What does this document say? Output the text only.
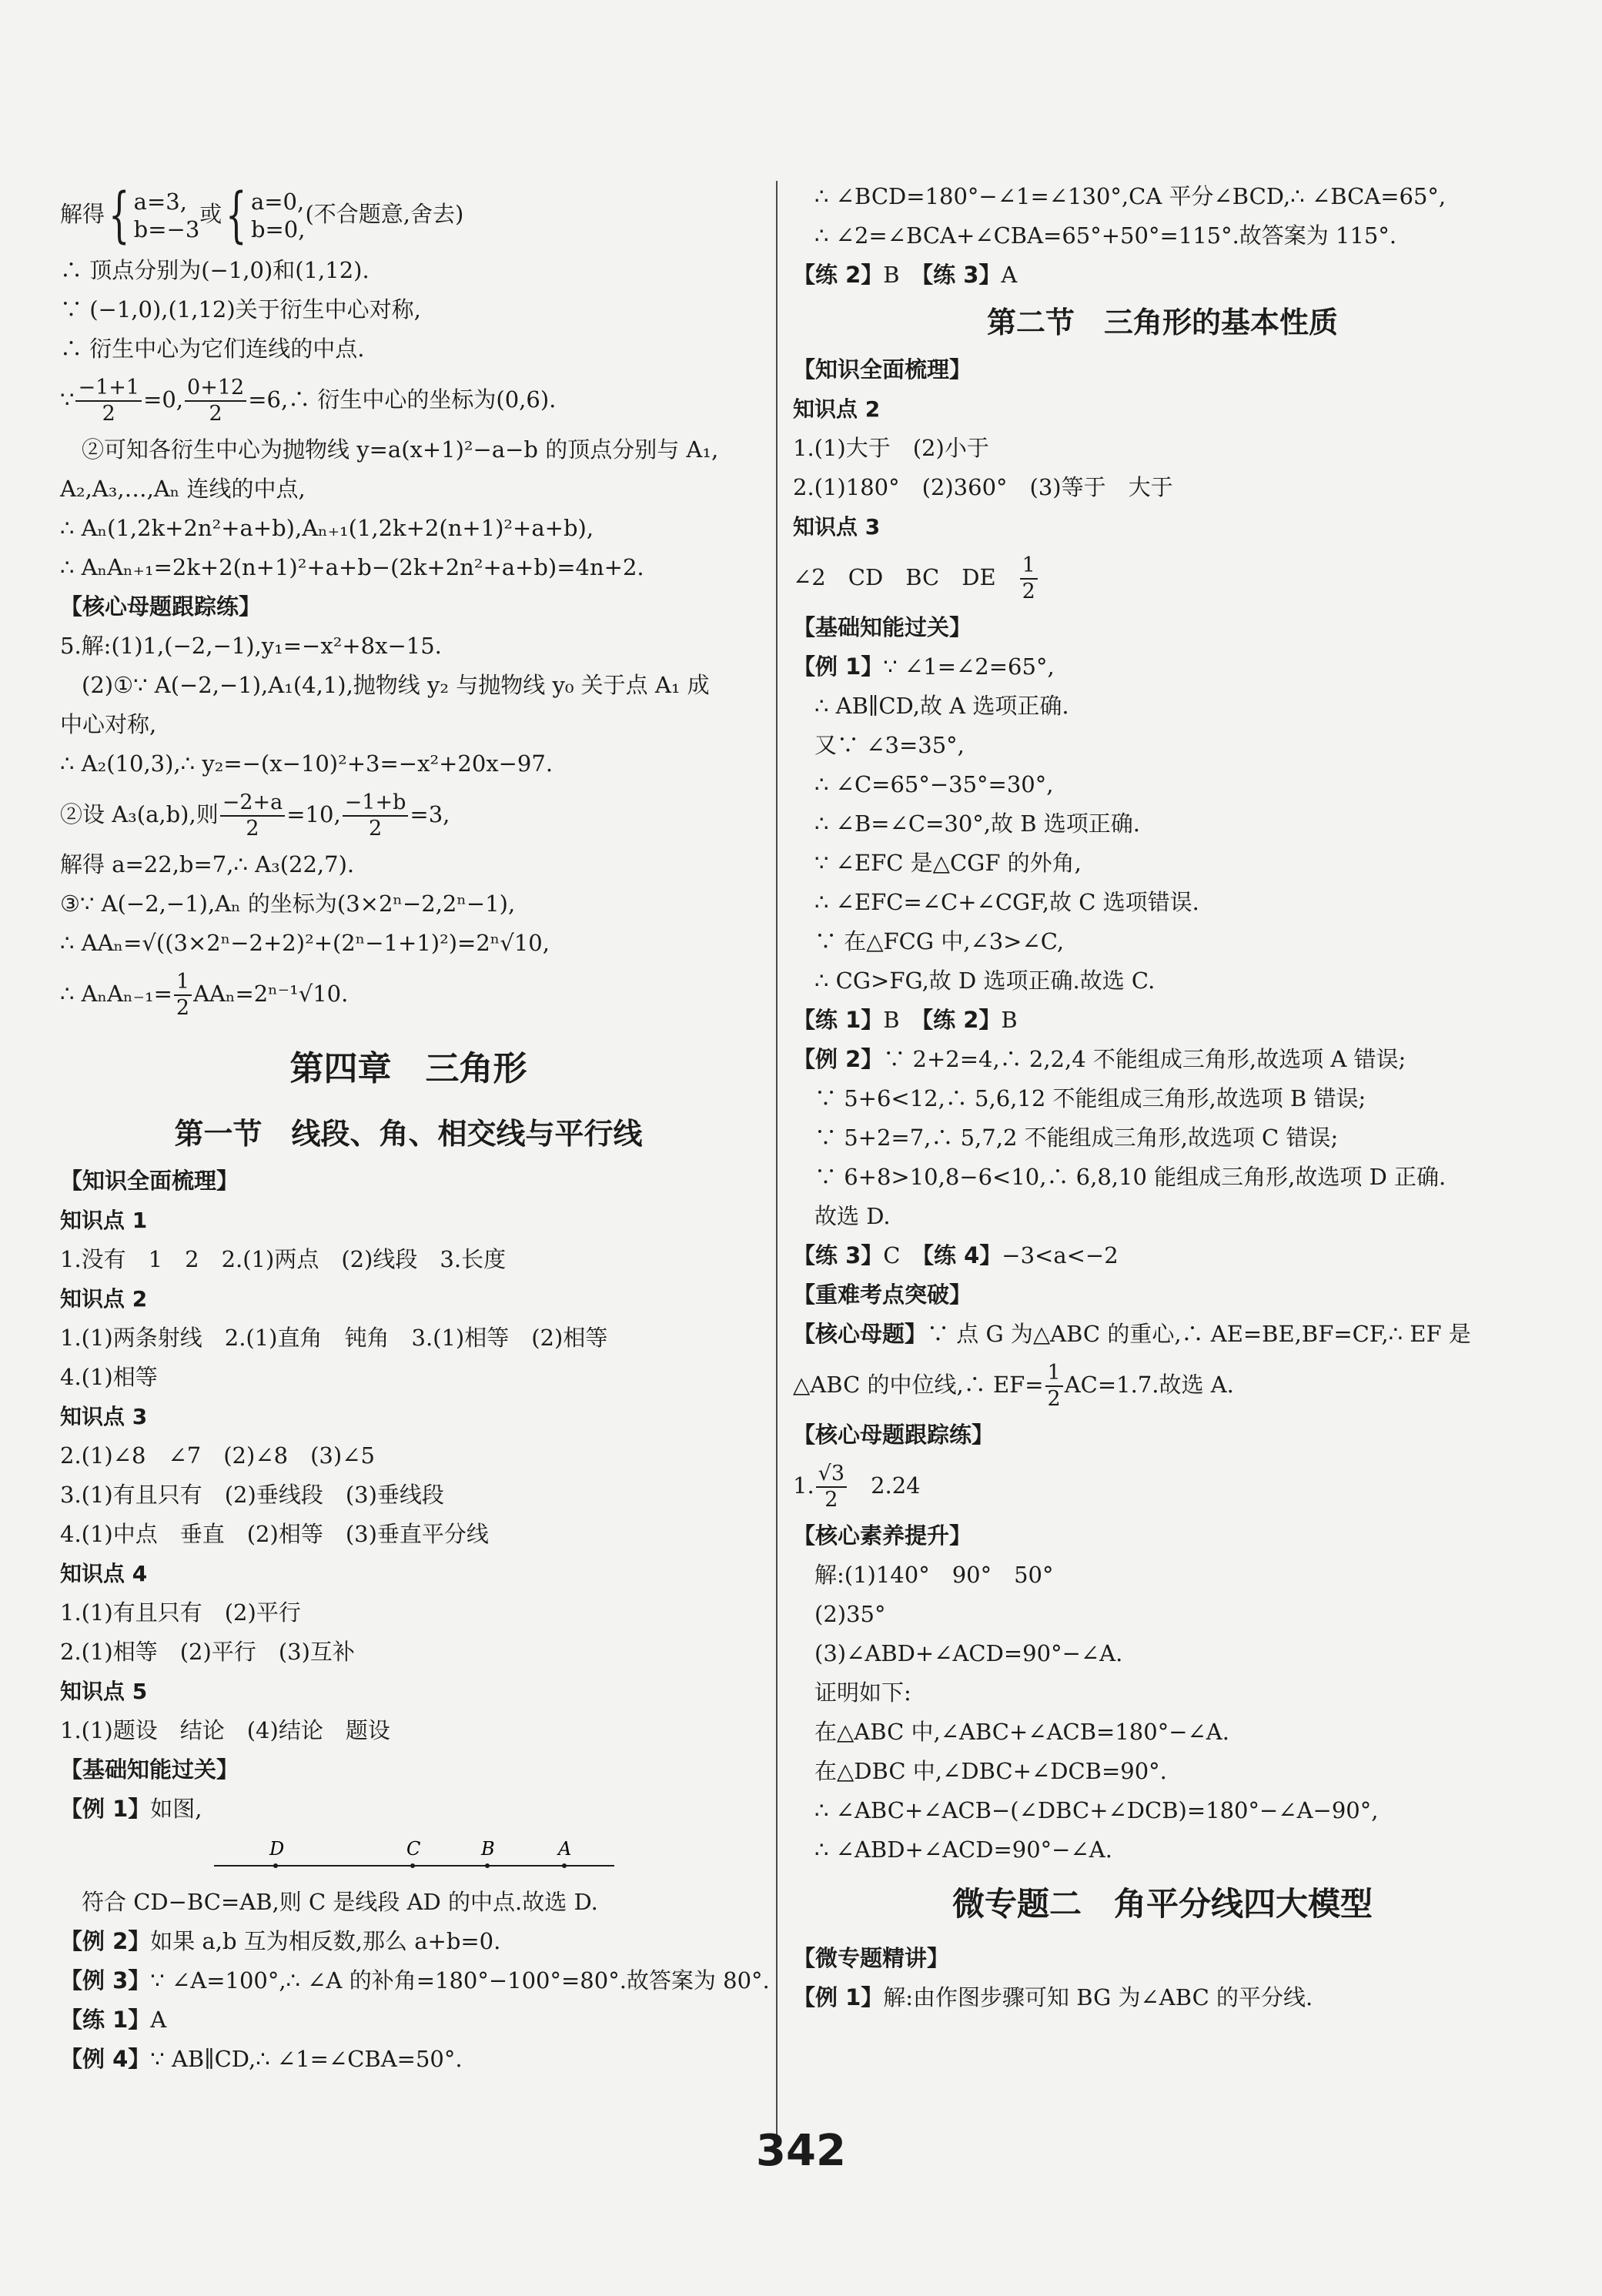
解得{ a=3,
b=−3或{ a=0,
b=0,(不合题意,舍去)
∴ 顶点分别为(−1,0)和(1,12).
∵ (−1,0),(1,12)关于衍生中心对称,
∴ 衍生中心为它们连线的中点.
∵ $\frac{-1+1}{2} =0$, $\frac{0+12}{2}$ =6,∴ 衍生中心的坐标为(0,6).
②可知各衍生中心为抛物线 y=a(x+1)²−a−b 的顶点分别与 A₁,
A₂,A₃,…,Aₙ 连线的中点,
∴ Aₙ(1,2k+2n²+a+b),Aₙ₊₁(1,2k+2(n+1)²+a+b),
∴ AₙAₙ₊₁=2k+2(n+1)²+a+b−(2k+2n²+a+b)=4n+2.
【核心母题跟踪练】
5.解:(1)1,(−2,−1),y₁=−x²+8x−15.
(2)①∵ A(−2,−1),A₁(4,1),抛物线 y₂ 与抛物线 y₀ 关于点 A₁ 成
中心对称,
∴ A₂(10,3),∴ y₂=−(x−10)²+3=−x²+20x−97.
②设 A₃(a,b),则 $\frac{-2+a}{2} =10$, $\frac{-1+b}{2} =3$,
解得 a=22,b=7,∴ A₃(22,7).
③∵ A(−2,−1),Aₙ 的坐标为(3×2ⁿ−2,2ⁿ−1),
∴ AAₙ=√((3×2ⁿ−2+2)²+(2ⁿ−1+1)²)=2ⁿ√10,
∴ $A_nA_{n-1}= \frac{1}{2} AA_n=2^{n-1}√10$.
第四章　三角形
第一节　线段、角、相交线与平行线
【知识全面梳理】
知识点 1
1.没有　1　2　2.(1)两点　(2)线段　3.长度
知识点 2
1.(1)两条射线　2.(1)直角　钝角　3.(1)相等　(2)相等
4.(1)相等
知识点 3
2.(1)∠8　∠7　(2)∠8　(3)∠5
3.(1)有且只有　(2)垂线段　(3)垂线段
4.(1)中点　垂直　(2)相等　(3)垂直平分线
知识点 4
1.(1)有且只有　(2)平行
2.(1)相等　(2)平行　(3)互补
知识点 5
1.(1)题设　结论　(4)结论　题设
【基础知能过关】
【例 1】如图,
D	C	B	A
符合 CD−BC=AB,则 C 是线段 AD 的中点.故选 D.
【例 2】如果 a,b 互为相反数,那么 a+b=0.
【例 3】∵ ∠A=100°,∴ ∠A 的补角=180°−100°=80°.故答案为 80°.
【练 1】A
【例 4】∵ AB∥CD,∴ ∠1=∠CBA=50°.
∴ ∠BCD=180°−∠1=∠130°,CA 平分∠BCD,∴ ∠BCA=65°,
∴ ∠2=∠BCA+∠CBA=65°+50°=115°.故答案为 115°.
【练 2】B　 【练 3】A
第二节　三角形的基本性质
【知识全面梳理】
知识点 2
1.(1)大于　(2)小于
2.(1)180°　(2)360°　(3)等于　大于
知识点 3
∠2　CD　BC　DE　 $\frac{1}{2}$
【基础知能过关】
【例 1】∵ ∠1=∠2=65°,
∴ AB∥CD,故 A 选项正确.
又∵ ∠3=35°,
∴ ∠C=65°−35°=30°,
∴ ∠B=∠C=30°,故 B 选项正确.
∵ ∠EFC 是△CGF 的外角,
∴ ∠EFC=∠C+∠CGF,故 C 选项错误.
∵ 在△FCG 中,∠3>∠C,
∴ CG>FG,故 D 选项正确.故选 C.
【练 1】B　 【练 2】B
【例 2】∵ 2+2=4,∴ 2,2,4 不能组成三角形,故选项 A 错误;
∵ 5+6<12,∴ 5,6,12 不能组成三角形,故选项 B 错误;
∵ 5+2=7,∴ 5,7,2 不能组成三角形,故选项 C 错误;
∵ 6+8>10,8−6<10,∴ 6,8,10 能组成三角形,故选项 D 正确.
故选 D.
【练 3】C　 【练 4】−3<a<−2
【重难考点突破】
【核心母题】∵ 点 G 为△ABC 的重心,∴ AE=BE,BF=CF,∴ EF 是
△ABC 的中位线,∴ $EF= \frac{1}{2} AC=1.7$.故选 A.
【核心母题跟踪练】
1. $\frac{√3}{2}$ 　2.24
【核心素养提升】
解:(1)140°　90°　50°
(2)35°
(3)∠ABD+∠ACD=90°−∠A.
证明如下:
在△ABC 中,∠ABC+∠ACB=180°−∠A.
在△DBC 中,∠DBC+∠DCB=90°.
∴ ∠ABC+∠ACB−(∠DBC+∠DCB)=180°−∠A−90°,
∴ ∠ABD+∠ACD=90°−∠A.
微专题二　角平分线四大模型
【微专题精讲】
【例 1】解:由作图步骤可知 BG 为∠ABC 的平分线.
342
